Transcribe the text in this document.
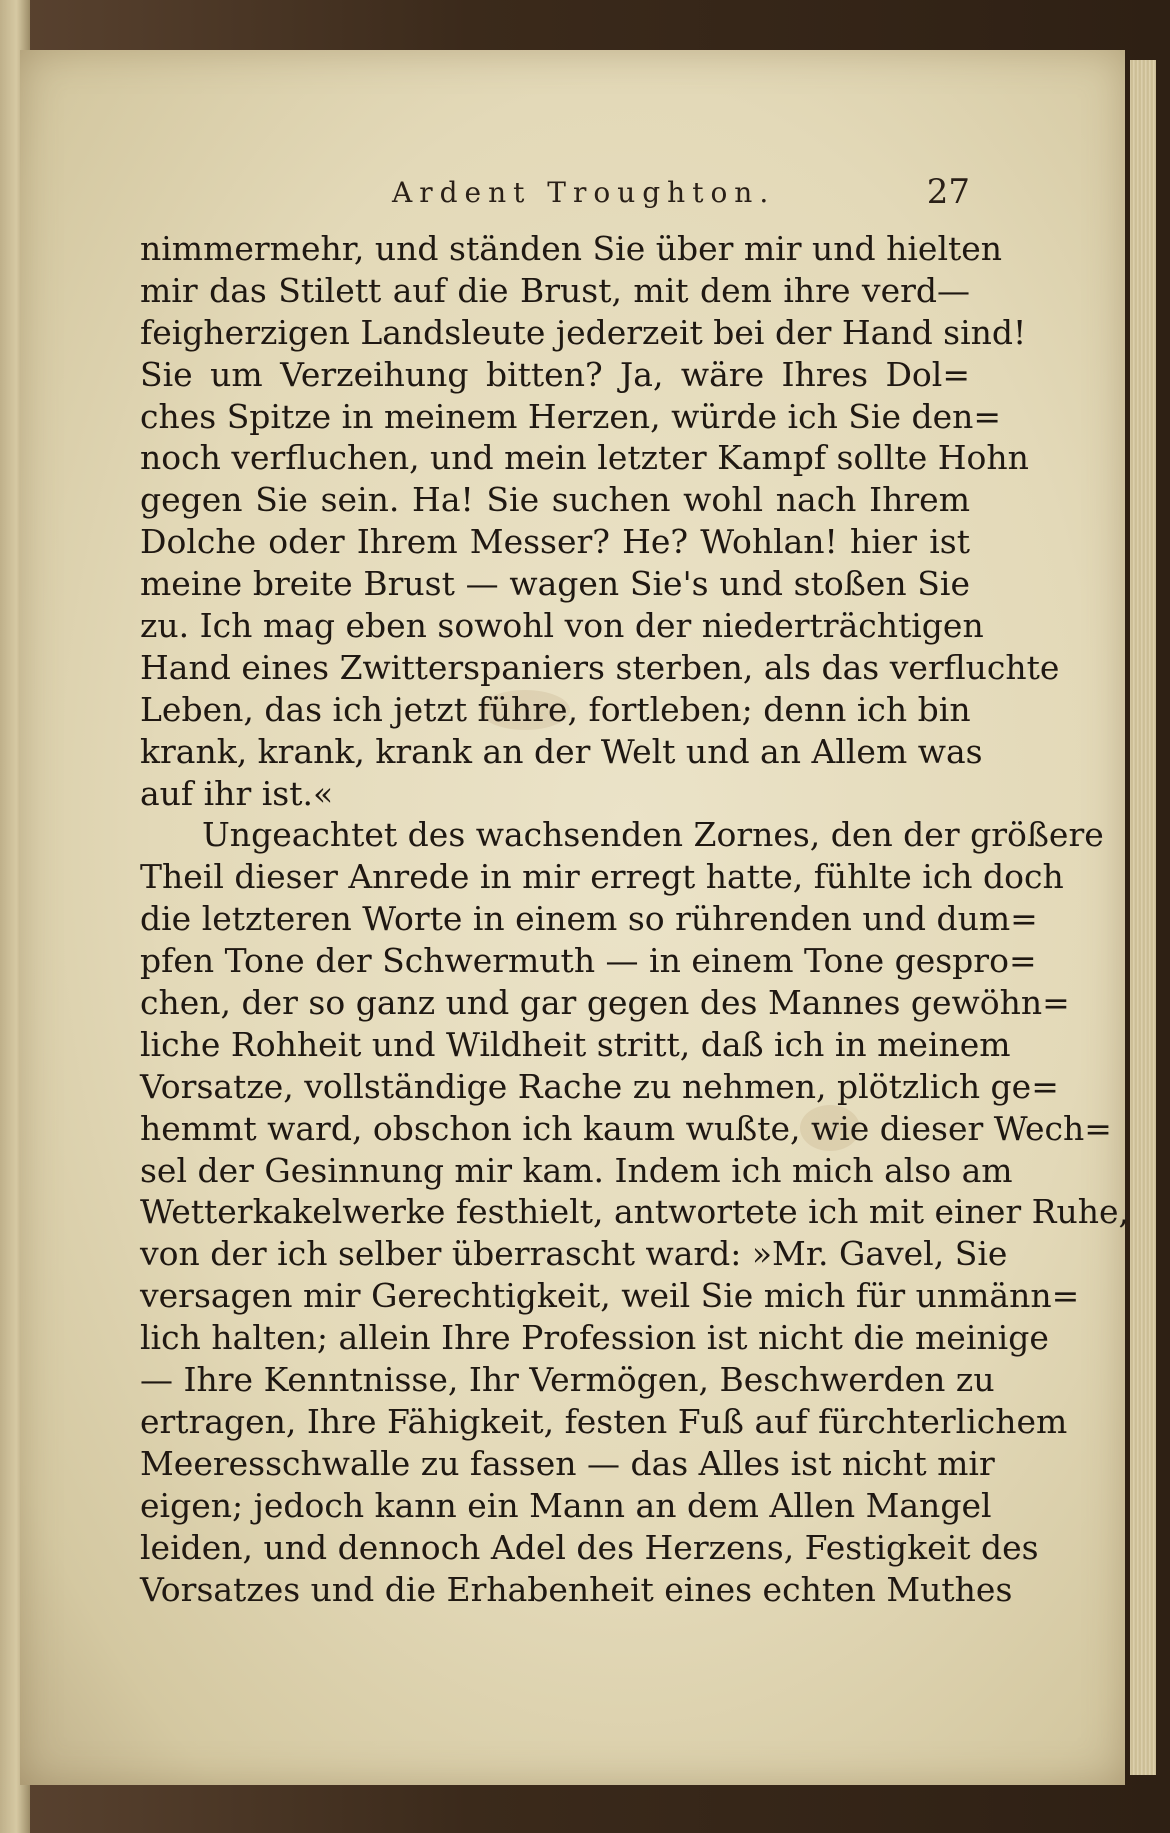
Ardent Troughton.	27
nimmermehr, und ständen Sie über mir und hielten
mir das Stilett auf die Brust, mit dem ihre verd—
feigherzigen Landsleute jederzeit bei der Hand sind!
Sie um Verzeihung bitten? Ja, wäre Ihres Dol=
ches Spitze in meinem Herzen, würde ich Sie den=
noch verfluchen, und mein letzter Kampf sollte Hohn
gegen Sie sein. Ha! Sie suchen wohl nach Ihrem
Dolche oder Ihrem Messer? He? Wohlan! hier ist
meine breite Brust — wagen Sie's und stoßen Sie
zu. Ich mag eben sowohl von der niederträchtigen
Hand eines Zwitterspaniers sterben, als das verfluchte
Leben, das ich jetzt führe, fortleben; denn ich bin
krank, krank, krank an der Welt und an Allem was
auf ihr ist.«
Ungeachtet des wachsenden Zornes, den der größere
Theil dieser Anrede in mir erregt hatte, fühlte ich doch
die letzteren Worte in einem so rührenden und dum=
pfen Tone der Schwermuth — in einem Tone gespro=
chen, der so ganz und gar gegen des Mannes gewöhn=
liche Rohheit und Wildheit stritt, daß ich in meinem
Vorsatze, vollständige Rache zu nehmen, plötzlich ge=
hemmt ward, obschon ich kaum wußte, wie dieser Wech=
sel der Gesinnung mir kam. Indem ich mich also am
Wetterkakelwerke festhielt, antwortete ich mit einer Ruhe,
von der ich selber überrascht ward: »Mr. Gavel, Sie
versagen mir Gerechtigkeit, weil Sie mich für unmänn=
lich halten; allein Ihre Profession ist nicht die meinige
— Ihre Kenntnisse, Ihr Vermögen, Beschwerden zu
ertragen, Ihre Fähigkeit, festen Fuß auf fürchterlichem
Meeresschwalle zu fassen — das Alles ist nicht mir
eigen; jedoch kann ein Mann an dem Allen Mangel
leiden, und dennoch Adel des Herzens, Festigkeit des
Vorsatzes und die Erhabenheit eines echten Muthes
